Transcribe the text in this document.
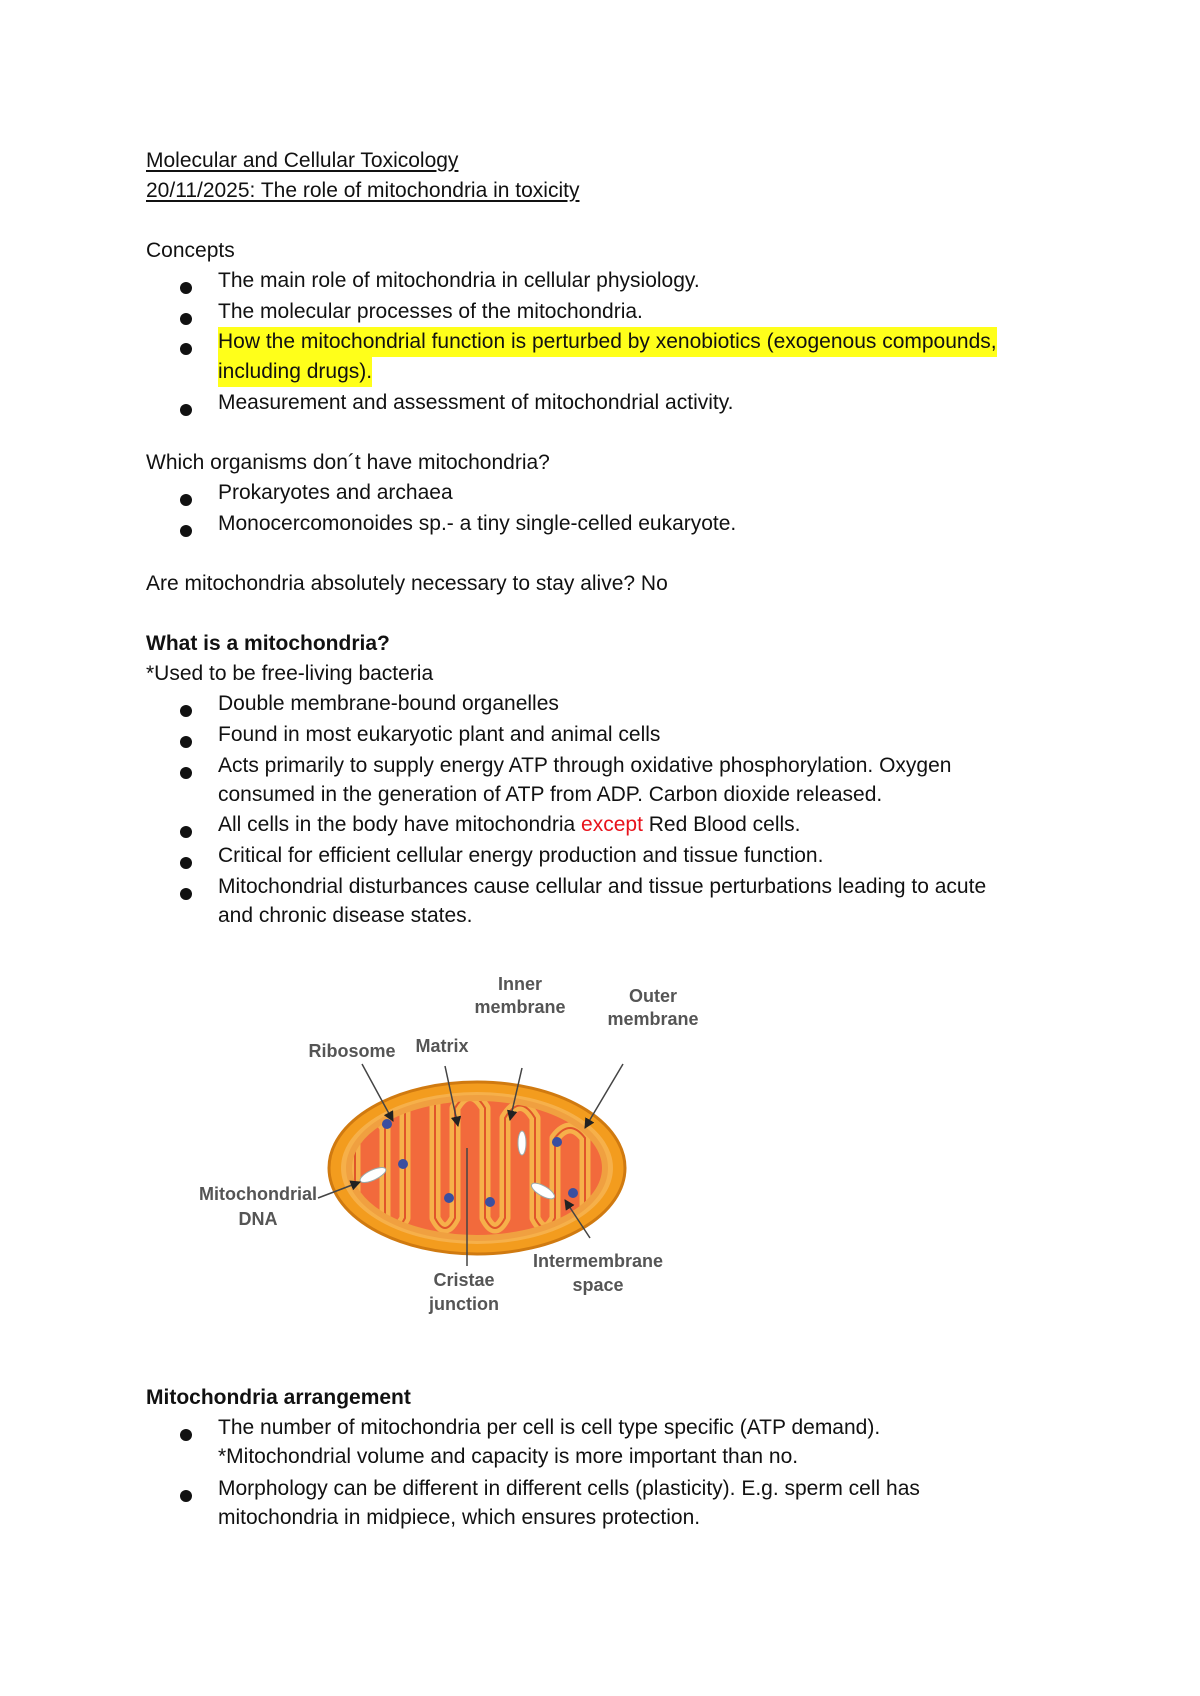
Molecular and Cellular Toxicology
20/11/2025: The role of mitochondria in toxicity
Concepts
The main role of mitochondria in cellular physiology.
The molecular processes of the mitochondria.
How the mitochondrial function is perturbed by xenobiotics (exogenous compounds,
including drugs).
Measurement and assessment of mitochondrial activity.
Which organisms don´t have mitochondria?
Prokaryotes and archaea
Monocercomonoides sp.- a tiny single-celled eukaryote.
Are mitochondria absolutely necessary to stay alive? No
What is a mitochondria?
*Used to be free-living bacteria
Double membrane-bound organelles
Found in most eukaryotic plant and animal cells
Acts primarily to supply energy ATP through oxidative phosphorylation. Oxygen
consumed in the generation of ATP from ADP. Carbon dioxide released.
All cells in the body have mitochondria except Red Blood cells.
Critical for efficient cellular energy production and tissue function.
Mitochondrial disturbances cause cellular and tissue perturbations leading to acute
and chronic disease states.
Inner
membrane
Outer
membrane
Ribosome Matrix
Mitochondrial
DNA
Cristae
junction
Intermembrane
space
Mitochondria arrangement
The number of mitochondria per cell is cell type specific (ATP demand).
*Mitochondrial volume and capacity is more important than no.
Morphology can be different in different cells (plasticity). E.g. sperm cell has
mitochondria in midpiece, which ensures protection.
